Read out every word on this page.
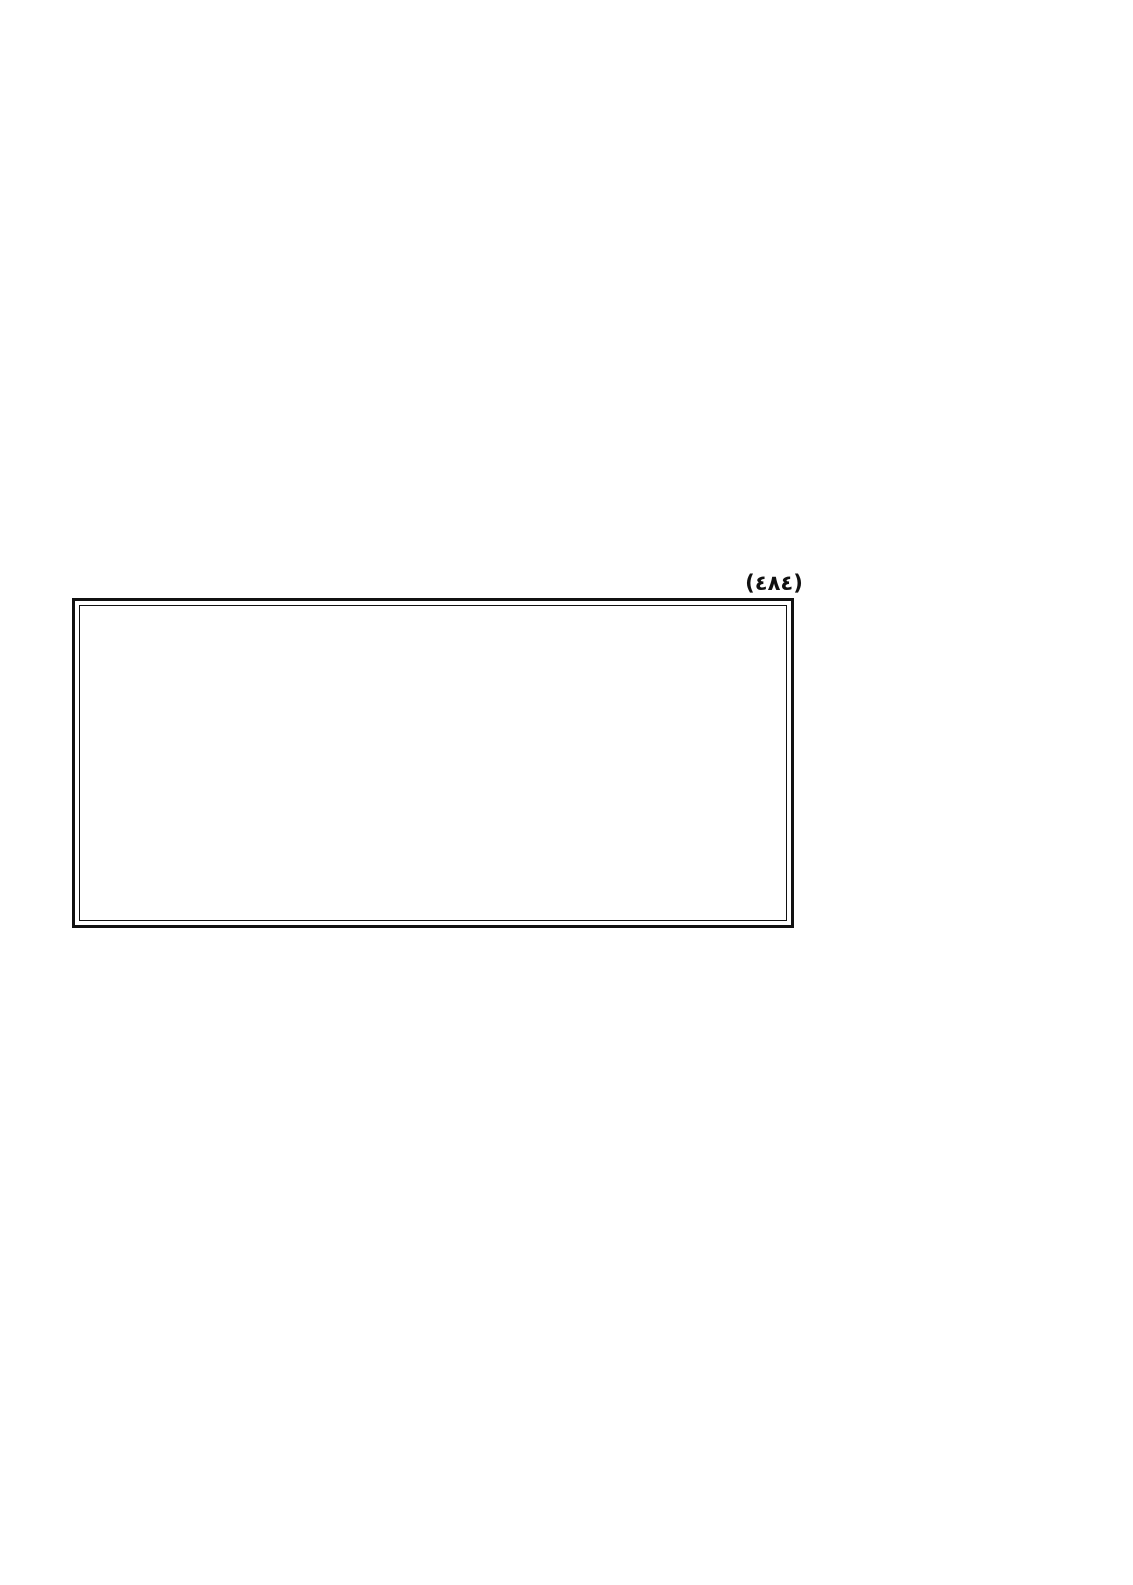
(٤٨٤)
